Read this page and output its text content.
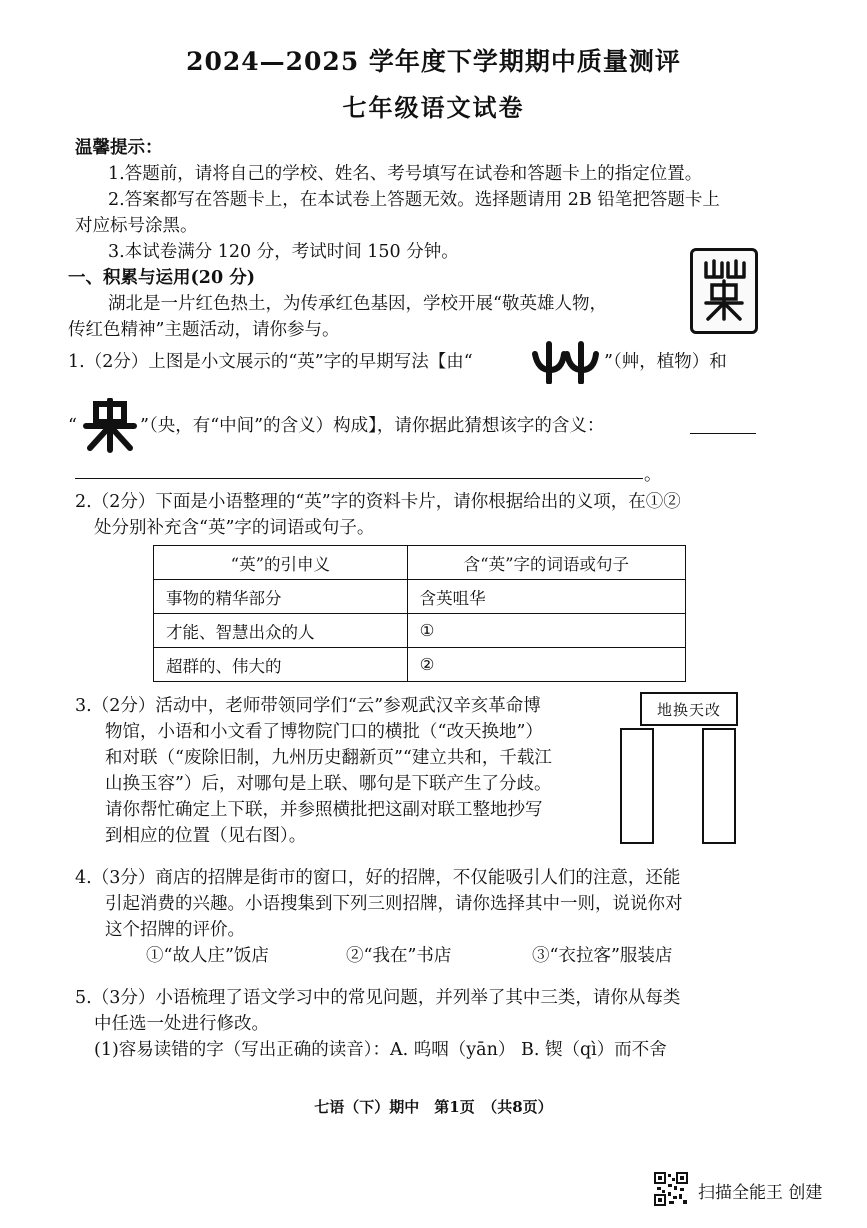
2024—2025 学年度下学期期中质量测评
七年级语文试卷
温馨提示：
1.答题前，请将自己的学校、姓名、考号填写在试卷和答题卡上的指定位置。
2.答案都写在答题卡上，在本试卷上答题无效。选择题请用 2B 铅笔把答题卡上
对应标号涂黑。
3.本试卷满分 120 分，考试时间 150 分钟。
一、积累与运用(20 分)
湖北是一片红色热土，为传承红色基因，学校开展“敬英雄人物，
传红色精神”主题活动，请你参与。
1.（2分）上图是小文展示的“英”字的早期写法【由“	”（艸，植物）和
“	”（央，有“中间”的含义）构成】，请你据此猜想该字的含义：
。
2.（2分）下面是小语整理的“英”字的资料卡片，请你根据给出的义项，在①②
处分别补充含“英”字的词语或句子。
“英”的引申义	含“英”字的词语或句子
事物的精华部分	含英咀华
才能、智慧出众的人	①
超群的、伟大的	②
3.（2分）活动中，老师带领同学们“云”参观武汉辛亥革命博
物馆，小语和小文看了博物院门口的横批（“改天换地”）
和对联（“废除旧制，九州历史翻新页”“建立共和，千载江
山换玉容”）后，对哪句是上联、哪句是下联产生了分歧。
请你帮忙确定上下联，并参照横批把这副对联工整地抄写
到相应的位置（见右图）。
地换天改
4.（3分）商店的招牌是街市的窗口，好的招牌，不仅能吸引人们的注意，还能
引起消费的兴趣。小语搜集到下列三则招牌，请你选择其中一则，说说你对
这个招牌的评价。
①“故人庄”饭店	②“我在”书店	③“衣拉客”服装店
5.（3分）小语梳理了语文学习中的常见问题，并列举了其中三类，请你从每类
中任选一处进行修改。
(1)容易读错的字（写出正确的读音）：A. 呜咽（yān） B. 锲（qì）而不舍
七语（下）期中　第1页　（共8页）
扫描全能王 创建
